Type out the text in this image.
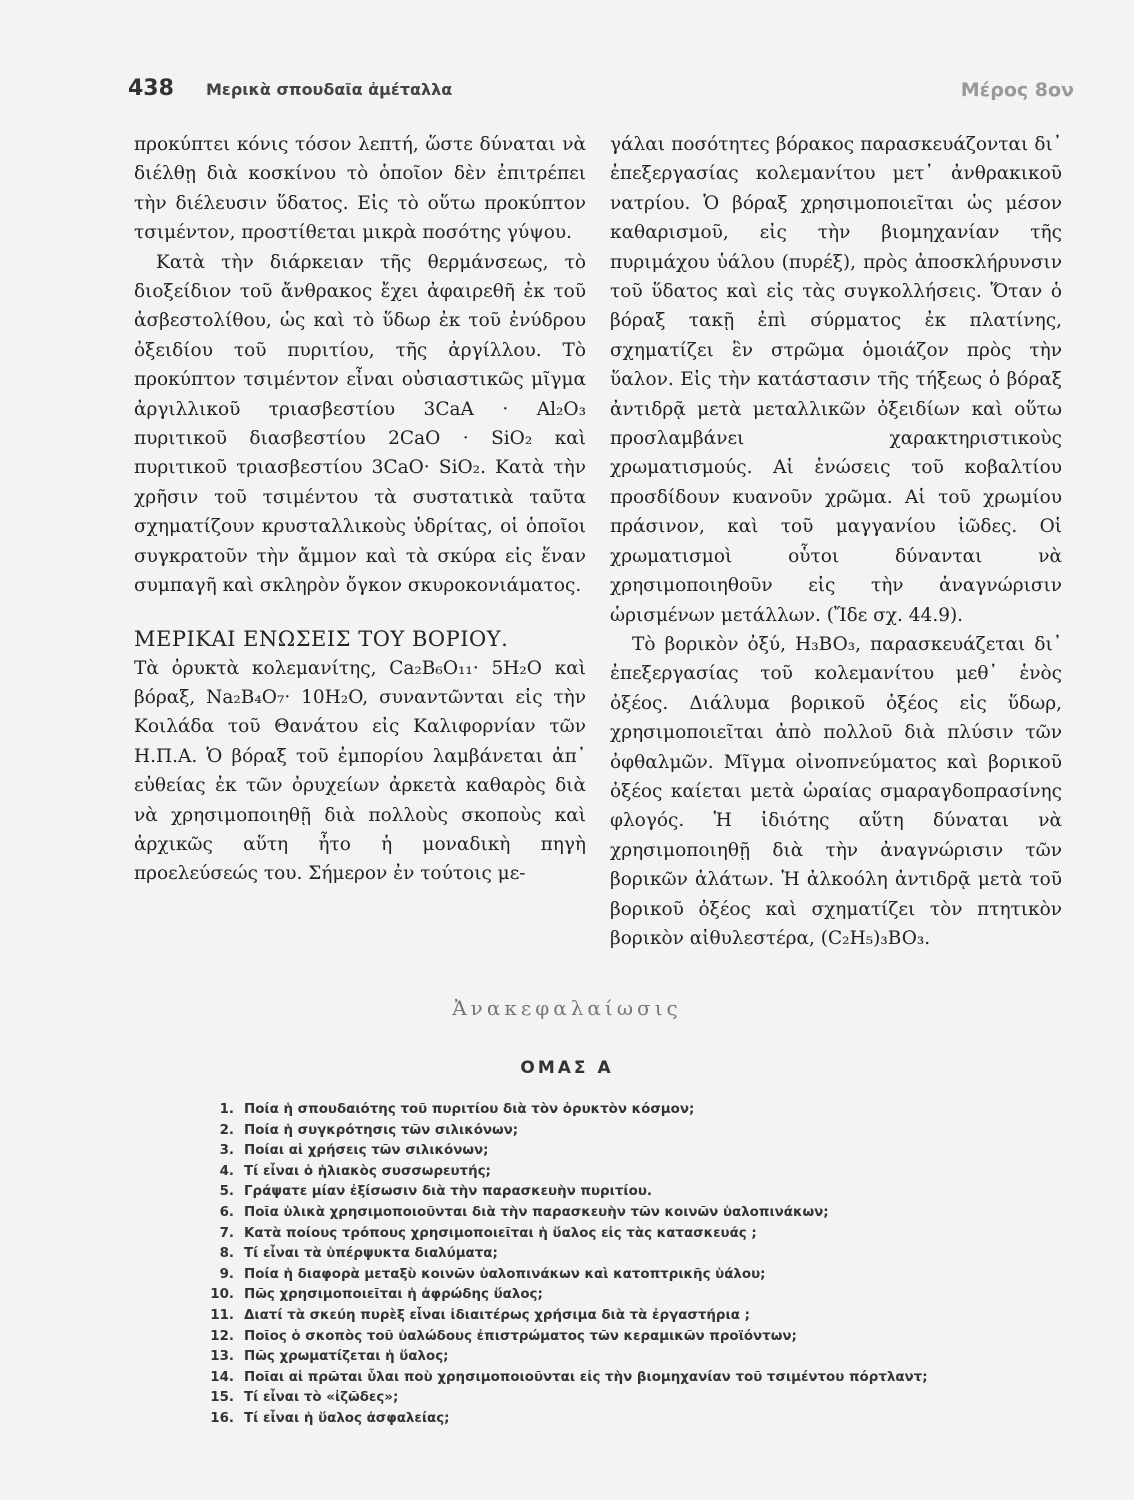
438 Μερικὰ σπουδαῖα ἀμέταλλα	Μέρος 8ον

προκύπτει κόνις τόσον λεπτή, ὥστε δύναται νὰ διέλθῃ διὰ κοσκίνου τὸ ὁποῖον δὲν ἐπιτρέπει τὴν διέλευσιν ὕδατος. Εἰς τὸ οὕτω προκύπτον τσιμέντον, προστίθεται μικρὰ ποσότης γύψου.

Κατὰ τὴν διάρκειαν τῆς θερμάνσεως, τὸ διοξείδιον τοῦ ἄνθρακος ἔχει ἀφαιρεθῆ ἐκ τοῦ ἀσβεστολίθου, ὡς καὶ τὸ ὕδωρ ἐκ τοῦ ἐνύδρου ὀξειδίου τοῦ πυριτίου, τῆς ἀργίλλου. Τὸ προκύπτον τσιμέντον εἶναι οὐσιαστικῶς μῖγμα ἀργιλλικοῦ τριασβεστίου 3CaA · Al₂O₃ πυριτικοῦ διασβεστίου 2CaO · SiO₂ καὶ πυριτικοῦ τριασβεστίου 3CaO· SiO₂. Κατὰ τὴν χρῆσιν τοῦ τσιμέντου τὰ συστατικὰ ταῦτα σχηματίζουν κρυσταλλικοὺς ὑδρίτας, οἱ ὁποῖοι συγκρατοῦν τὴν ἄμμον καὶ τὰ σκύρα εἰς ἕναν συμπαγῆ καὶ σκληρὸν ὄγκον σκυροκονιάματος.

ΜΕΡΙΚΑΙ ΕΝΩΣΕΙΣ ΤΟΥ ΒΟΡΙΟΥ.

Τὰ ὀρυκτὰ κολεμανίτης, Ca₂B₆O₁₁· 5H₂O καὶ βόραξ, Na₂B₄O₇· 10H₂O, συναντῶνται εἰς τὴν Κοιλάδα τοῦ Θανάτου εἰς Καλιφορνίαν τῶν Η.Π.Α. Ὁ βόραξ τοῦ ἐμπορίου λαμβάνεται ἀπ᾿ εὐθείας ἐκ τῶν ὀρυχείων ἀρκετὰ καθαρὸς διὰ νὰ χρησιμοποιηθῇ διὰ πολλοὺς σκοποὺς καὶ ἀρχικῶς αὕτη ἦτο ἡ μοναδικὴ πηγὴ προελεύσεώς του. Σήμερον ἐν τούτοις με-

γάλαι ποσότητες βόρακος παρασκευάζονται δι᾿ ἐπεξεργασίας κολεμανίτου μετ᾿ ἀνθρακικοῦ νατρίου. Ὁ βόραξ χρησιμοποιεῖται ὡς μέσον καθαρισμοῦ, εἰς τὴν βιομηχανίαν τῆς πυριμάχου ὑάλου (πυρέξ), πρὸς ἀποσκλήρυνσιν τοῦ ὕδατος καὶ εἰς τὰς συγκολλήσεις. Ὅταν ὁ βόραξ τακῇ ἐπὶ σύρματος ἐκ πλατίνης, σχηματίζει ἓν στρῶμα ὁμοιάζον πρὸς τὴν ὕαλον. Εἰς τὴν κατάστασιν τῆς τήξεως ὁ βόραξ ἀντιδρᾷ μετὰ μεταλλικῶν ὀξειδίων καὶ οὕτω προσλαμβάνει χαρακτηριστικοὺς χρωματισμούς. Αἱ ἑνώσεις τοῦ κοβαλτίου προσδίδουν κυανοῦν χρῶμα. Αἱ τοῦ χρωμίου πράσινον, καὶ τοῦ μαγγανίου ἰῶδες. Οἱ χρωματισμοὶ οὗτοι δύνανται νὰ χρησιμοποιηθοῦν εἰς τὴν ἀναγνώρισιν ὡρισμένων μετάλλων. (Ἴδε σχ. 44.9).

Τὸ βορικὸν ὀξύ, H₃BO₃, παρασκευάζεται δι᾿ ἐπεξεργασίας τοῦ κολεμανίτου μεθ᾿ ἑνὸς ὀξέος. Διάλυμα βορικοῦ ὀξέος εἰς ὕδωρ, χρησιμοποιεῖται ἀπὸ πολλοῦ διὰ πλύσιν τῶν ὀφθαλμῶν. Μῖγμα οἰνοπνεύματος καὶ βορικοῦ ὀξέος καίεται μετὰ ὡραίας σμαραγδοπρασίνης φλογός. Ἡ ἰδιότης αὕτη δύναται νὰ χρησιμοποιηθῇ διὰ τὴν ἀναγνώρισιν τῶν βορικῶν ἁλάτων. Ἡ ἀλκοόλη ἀντιδρᾷ μετὰ τοῦ βορικοῦ ὀξέος καὶ σχηματίζει τὸν πτητικὸν βορικὸν αἰθυλεστέρα, (C₂H₅)₃BO₃.

Ἀνακεφαλαίωσις
ΟΜΑΣ Α
1. Ποία ἡ σπουδαιότης τοῦ πυριτίου διὰ τὸν ὀρυκτὸν κόσμον;
2. Ποία ἡ συγκρότησις τῶν σιλικόνων;
3. Ποίαι αἱ χρήσεις τῶν σιλικόνων;
4. Τί εἶναι ὁ ἡλιακὸς συσσωρευτής;
5. Γράψατε μίαν ἐξίσωσιν διὰ τὴν παρασκευὴν πυριτίου.
6. Ποῖα ὑλικὰ χρησιμοποιοῦνται διὰ τὴν παρασκευὴν τῶν κοινῶν ὑαλοπινάκων;
7. Κατὰ ποίους τρόπους χρησιμοποιεῖται ἡ ὕαλος εἰς τὰς κατασκευάς ;
8. Τί εἶναι τὰ ὑπέρψυκτα διαλύματα;
9. Ποία ἡ διαφορὰ μεταξὺ κοινῶν ὑαλοπινάκων καὶ κατοπτρικῆς ὑάλου;
10. Πῶς χρησιμοποιεῖται ἡ ἀφρώδης ὕαλος;
11. Διατί τὰ σκεύη πυρὲξ εἶναι ἰδιαιτέρως χρήσιμα διὰ τὰ ἐργαστήρια ;
12. Ποῖος ὁ σκοπὸς τοῦ ὑαλώδους ἐπιστρώματος τῶν κεραμικῶν προϊόντων;
13. Πῶς χρωματίζεται ἡ ὕαλος;
14. Ποῖαι αἱ πρῶται ὗλαι ποὺ χρησιμοποιοῦνται εἰς τὴν βιομηχανίαν τοῦ τσιμέντου πόρτλαντ;
15. Τί εἶναι τὸ «ἰζῶδες»;
16. Τί εἶναι ἡ ὕαλος ἀσφαλείας;
